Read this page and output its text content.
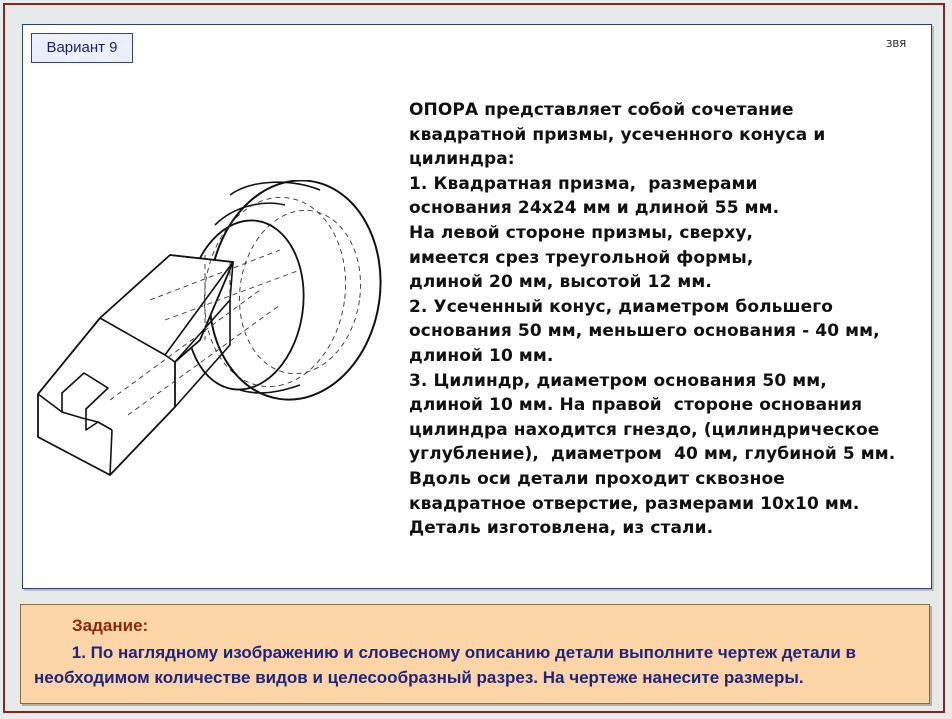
Вариант 9	ЗВЯ
ОПОРА представляет собой сочетание
квадратной призмы, усеченного конуса и
цилиндра:
1. Квадратная призма,  размерами
основания 24х24 мм и длиной 55 мм.
На левой стороне призмы, сверху,
имеется срез треугольной формы,
длиной 20 мм, высотой 12 мм.
2. Усеченный конус, диаметром большего
основания 50 мм, меньшего основания - 40 мм,
длиной 10 мм.
3. Цилиндр, диаметром основания 50 мм,
длиной 10 мм. На правой  стороне основания
цилиндра находится гнездо, (цилиндрическое
углубление),  диаметром  40 мм, глубиной 5 мм.
Вдоль оси детали проходит сквозное
квадратное отверстие, размерами 10х10 мм.
Деталь изготовлена, из стали.
Задание:
1. По наглядному изображению и словесному описанию детали выполните чертеж детали в
необходимом количестве видов и целесообразный разрез. На чертеже нанесите размеры.
